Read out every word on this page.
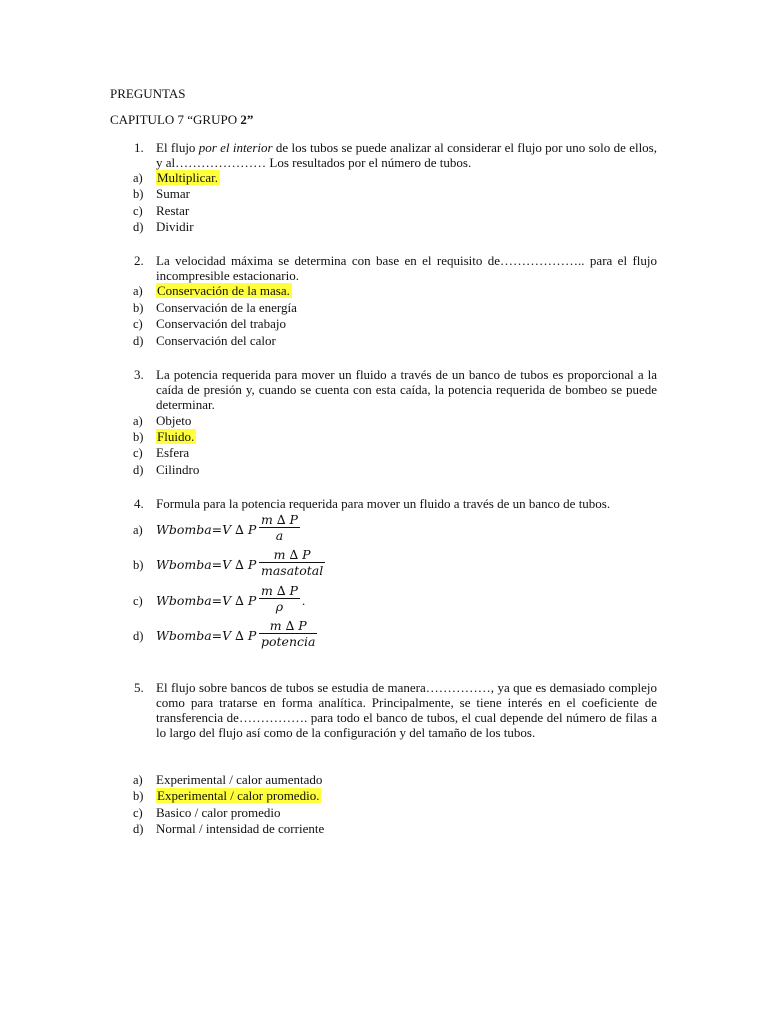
PREGUNTAS
CAPITULO 7 “GRUPO 2”
1. El flujo por el interior de los tubos se puede analizar al considerar el flujo por uno solo de ellos, y al………………… Los resultados por el número de tubos.
a) Multiplicar.
b) Sumar
c) Restar
d) Dividir
2. La velocidad máxima se determina con base en el requisito de……………….. para el flujo incompresible estacionario.
a) Conservación de la masa.
b) Conservación de la energía
c) Conservación del trabajo
d) Conservación del calor
3. La potencia requerida para mover un fluido a través de un banco de tubos es proporcional a la caída de presión y, cuando se cuenta con esta caída, la potencia requerida de bombeo se puede determinar.
a) Objeto
b) Fluido.
c) Esfera
d) Cilindro
4. Formula para la potencia requerida para mover un fluido a través de un banco de tubos.
a) Wbomba=V ∆ P
m ∆ P
a
b) Wbomba=V ∆ P
m ∆ P
masatotal
c) Wbomba=V ∆ P
m ∆ P
ρ .
d) Wbomba=V ∆ P
m ∆ P
potencia
5. El flujo sobre bancos de tubos se estudia de manera……………, ya que es demasiado complejo como para tratarse en forma analítica. Principalmente, se tiene interés en el coeficiente de transferencia de……………. para todo el banco de tubos, el cual depende del número de filas a lo largo del flujo así como de la configuración y del tamaño de los tubos.
a) Experimental / calor aumentado
b) Experimental / calor promedio.
c) Basico / calor promedio
d) Normal / intensidad de corriente
